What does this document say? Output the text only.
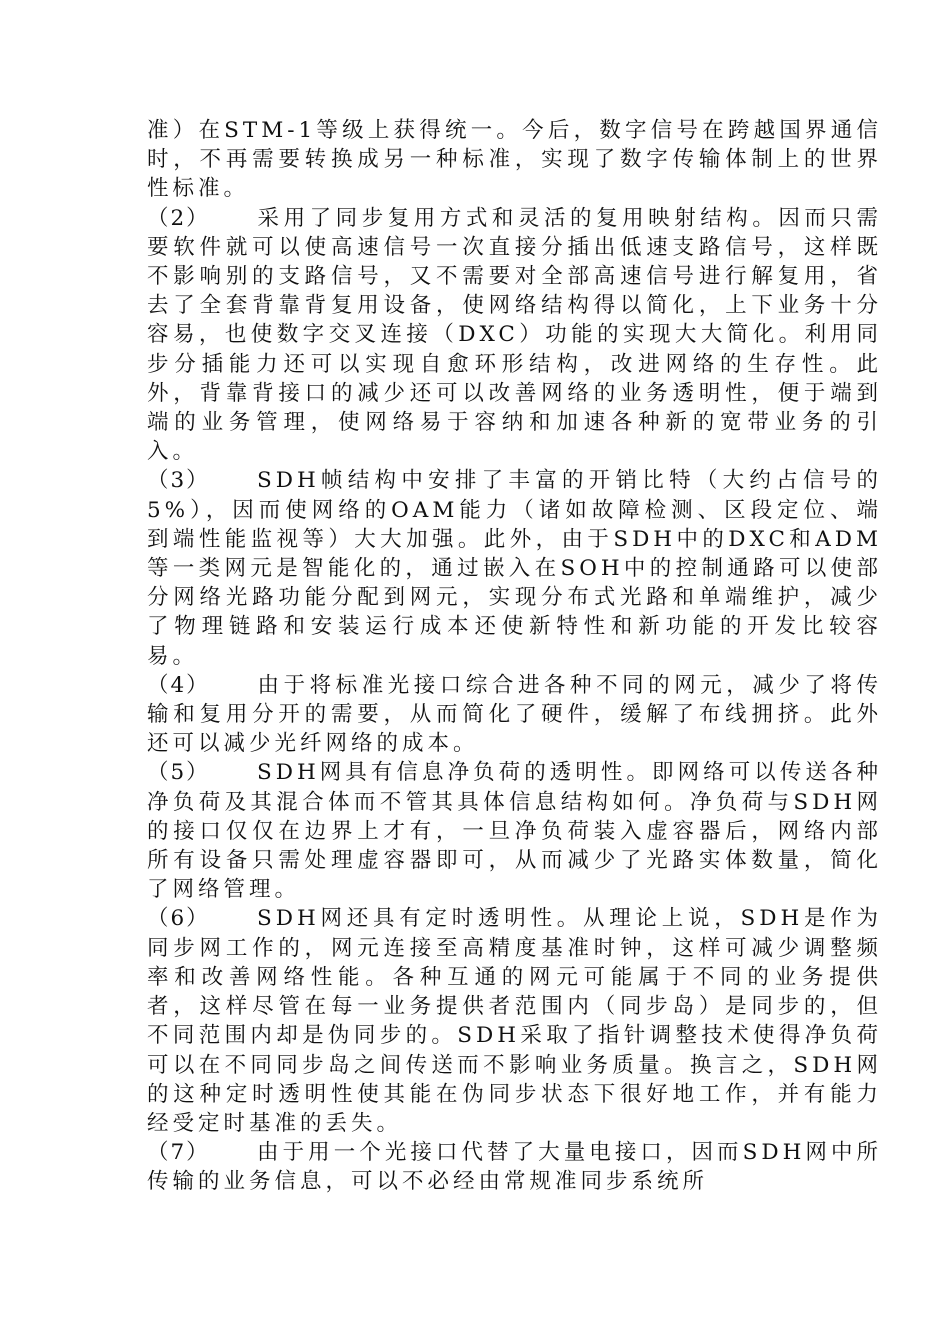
准）在STM-1等级上获得统一。今后，数字信号在跨越国界通信时，不再需要转换成另一种标准，实现了数字传输体制上的世界性标准。

（2） 采用了同步复用方式和灵活的复用映射结构。因而只需要软件就可以使高速信号一次直接分插出低速支路信号，这样既不影响别的支路信号，又不需要对全部高速信号进行解复用，省去了全套背靠背复用设备，使网络结构得以简化，上下业务十分容易，也使数字交叉连接（DXC）功能的实现大大简化。利用同步分插能力还可以实现自愈环形结构，改进网络的生存性。此外，背靠背接口的减少还可以改善网络的业务透明性，便于端到端的业务管理，使网络易于容纳和加速各种新的宽带业务的引入。

（3） SDH帧结构中安排了丰富的开销比特（大约占信号的5%），因而使网络的OAM能力（诸如故障检测、区段定位、端到端性能监视等）大大加强。此外，由于SDH中的DXC和ADM等一类网元是智能化的，通过嵌入在SOH中的控制通路可以使部分网络光路功能分配到网元，实现分布式光路和单端维护，减少了物理链路和安装运行成本还使新特性和新功能的开发比较容易。

（4） 由于将标准光接口综合进各种不同的网元，减少了将传输和复用分开的需要，从而简化了硬件，缓解了布线拥挤。此外还可以减少光纤网络的成本。

（5） SDH网具有信息净负荷的透明性。即网络可以传送各种净负荷及其混合体而不管其具体信息结构如何。净负荷与SDH网的接口仅仅在边界上才有，一旦净负荷装入虚容器后，网络内部所有设备只需处理虚容器即可，从而减少了光路实体数量，简化了网络管理。

（6） SDH网还具有定时透明性。从理论上说，SDH是作为同步网工作的，网元连接至高精度基准时钟，这样可减少调整频率和改善网络性能。各种互通的网元可能属于不同的业务提供者，这样尽管在每一业务提供者范围内（同步岛）是同步的，但不同范围内却是伪同步的。SDH采取了指针调整技术使得净负荷可以在不同同步岛之间传送而不影响业务质量。换言之，SDH网的这种定时透明性使其能在伪同步状态下很好地工作，并有能力经受定时基准的丢失。

（7） 由于用一个光接口代替了大量电接口，因而SDH网中所传输的业务信息，可以不必经由常规准同步系统所
